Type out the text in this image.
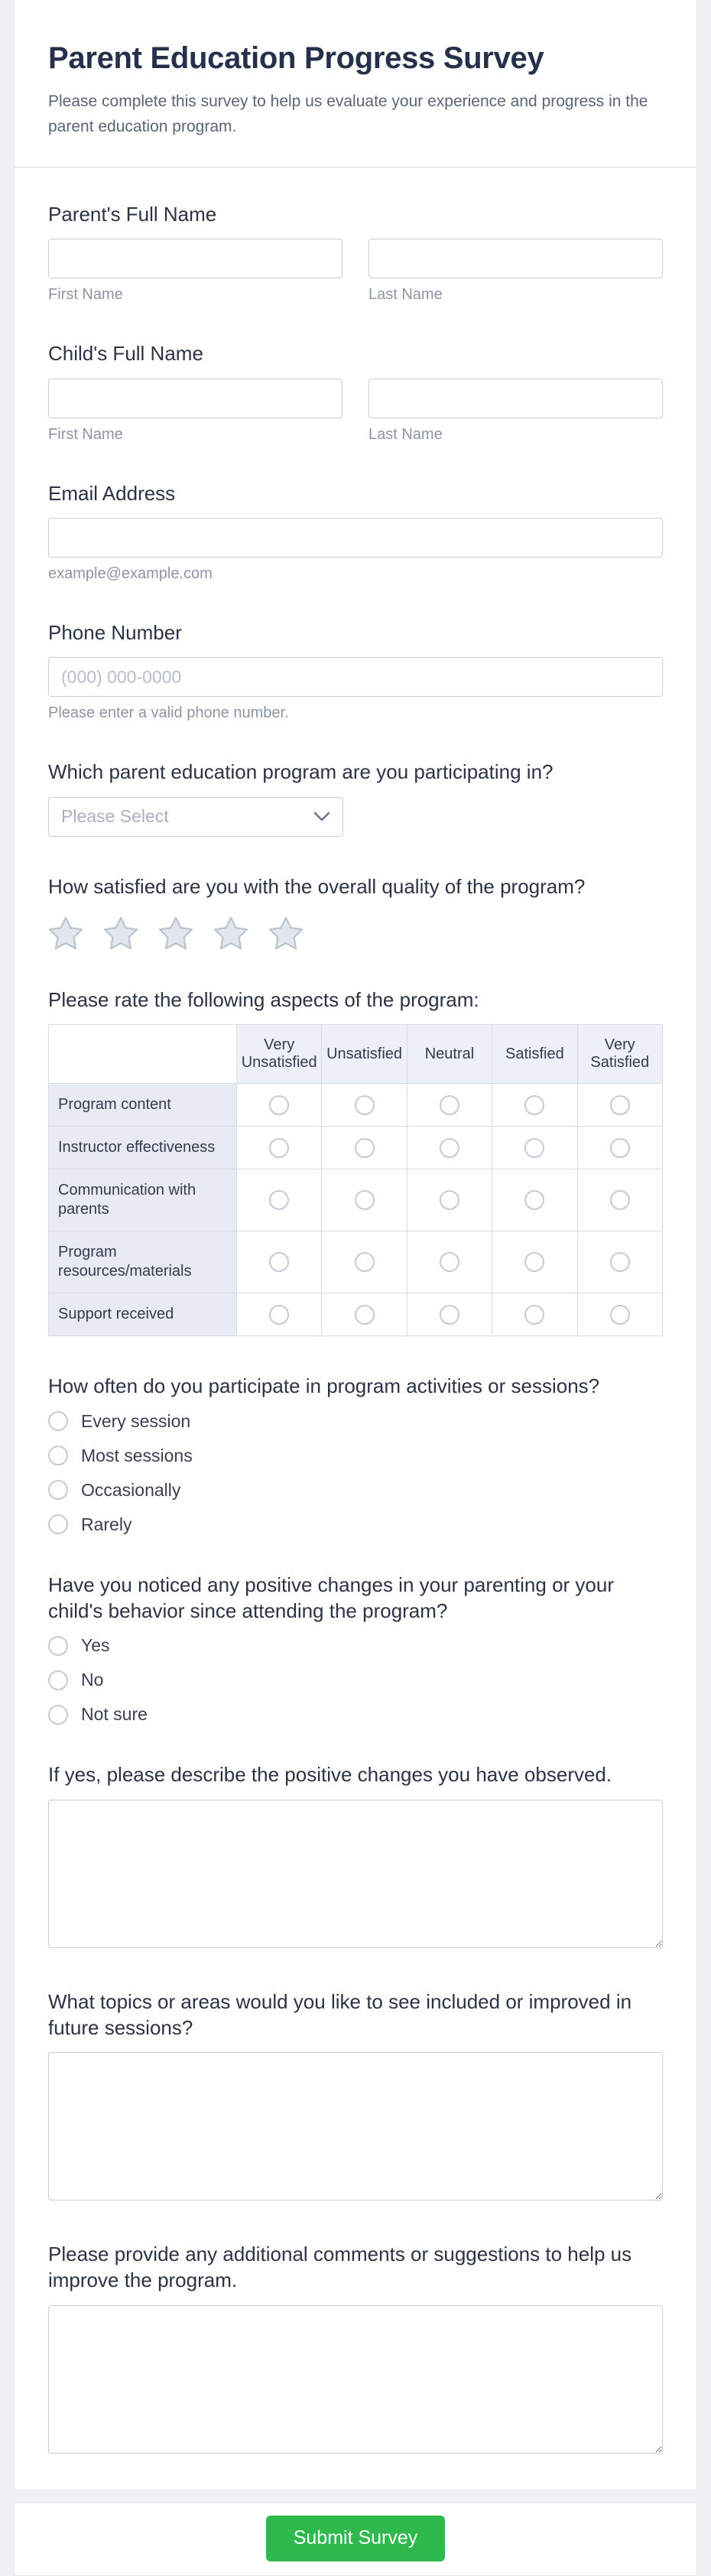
Parent Education Progress Survey

Please complete this survey to help us evaluate your experience and progress in the parent education program.

Parent's Full Name
First Name	Last Name
Child's Full Name
First Name	Last Name
Email Address
example@example.com
Phone Number
(000) 000-0000
Please enter a valid phone number.
Which parent education program are you participating in?
Please Select
How satisfied are you with the overall quality of the program?
Please rate the following aspects of the program:
	Very Unsatisfied	Unsatisfied	Neutral	Satisfied	Very Satisfied
Program content	

Instructor effectiveness	

Communication with parents	

Program resources/materials	

Support received	

How often do you participate in program activities or sessions?
Every session
Most sessions
Occasionally
Rarely
Have you noticed any positive changes in your parenting or your child's behavior since attending the program?
Yes
No
Not sure
If yes, please describe the positive changes you have observed.
What topics or areas would you like to see included or improved in future sessions?
Please provide any additional comments or suggestions to help us improve the program.
Submit Survey
